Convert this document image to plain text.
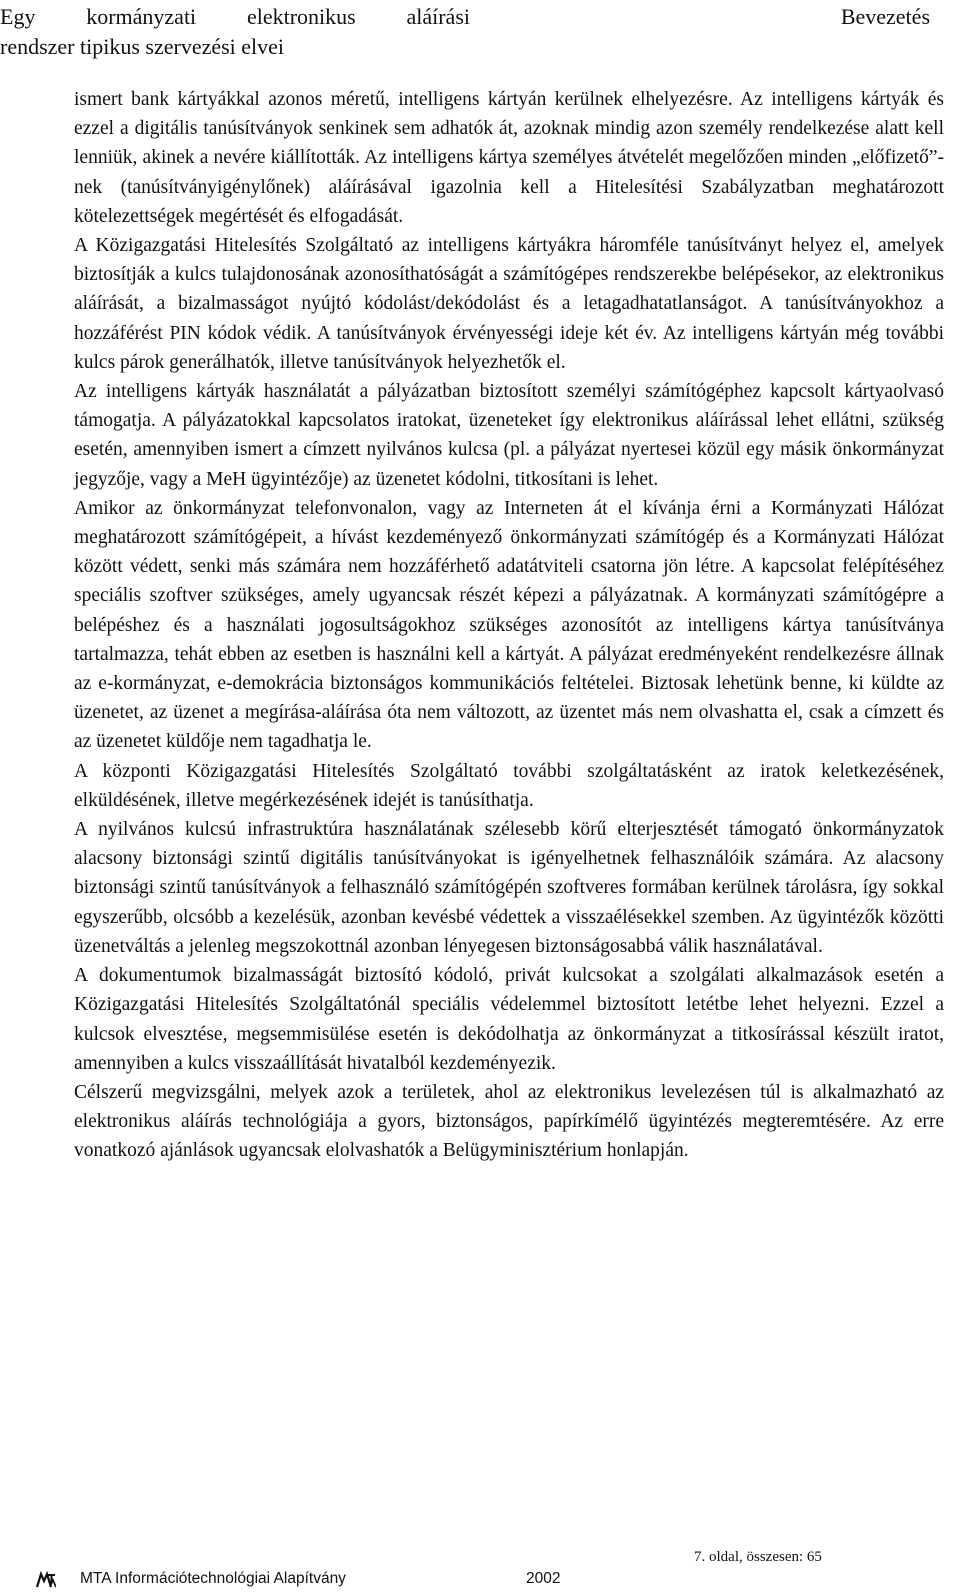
Egy kormányzati elektronikus aláírási
rendszer tipikus szervezési elvei
Bevezetés

ismert bank kártyákkal azonos méretű, intelligens kártyán kerülnek elhelyezésre. Az intelligens kártyák és ezzel a digitális tanúsítványok senkinek sem adhatók át, azoknak mindig azon személy rendelkezése alatt kell lenniük, akinek a nevére kiállították. Az intelligens kártya személyes átvételét megelőzően minden „előfizető”-nek (tanúsítványigénylőnek) aláírásával igazolnia kell a Hitelesítési Szabályzatban meghatározott kötelezettségek megértését és elfogadását.

A Közigazgatási Hitelesítés Szolgáltató az intelligens kártyákra háromféle tanúsítványt helyez el, amelyek biztosítják a kulcs tulajdonosának azonosíthatóságát a számítógépes rendszerekbe belépésekor, az elektronikus aláírását, a bizalmasságot nyújtó kódolást/dekódolást és a letagadhatatlanságot. A tanúsítványokhoz a hozzáférést PIN kódok védik. A tanúsítványok érvényességi ideje két év. Az intelligens kártyán még további kulcs párok generálhatók, illetve tanúsítványok helyezhetők el.

Az intelligens kártyák használatát a pályázatban biztosított személyi számítógéphez kapcsolt kártyaolvasó támogatja. A pályázatokkal kapcsolatos iratokat, üzeneteket így elektronikus aláírással lehet ellátni, szükség esetén, amennyiben ismert a címzett nyilvános kulcsa (pl. a pályázat nyertesei közül egy másik önkormányzat jegyzője, vagy a MeH ügyintézője) az üzenetet kódolni, titkosítani is lehet.

Amikor az önkormányzat telefonvonalon, vagy az Interneten át el kívánja érni a Kormányzati Hálózat meghatározott számítógépeit, a hívást kezdeményező önkormányzati számítógép és a Kormányzati Hálózat között védett, senki más számára nem hozzáférhető adatátviteli csatorna jön létre. A kapcsolat felépítéséhez speciális szoftver szükséges, amely ugyancsak részét képezi a pályázatnak. A kormányzati számítógépre a belépéshez és a használati jogosultságokhoz szükséges azonosítót az intelligens kártya tanúsítványa tartalmazza, tehát ebben az esetben is használni kell a kártyát. A pályázat eredményeként rendelkezésre állnak az e-kormányzat, e-demokrácia biztonságos kommunikációs feltételei. Biztosak lehetünk benne, ki küldte az üzenetet, az üzenet a megírása-aláírása óta nem változott, az üzentet más nem olvashatta el, csak a címzett és az üzenetet küldője nem tagadhatja le.

A központi Közigazgatási Hitelesítés Szolgáltató további szolgáltatásként az iratok keletkezésének, elküldésének, illetve megérkezésének idejét is tanúsíthatja.

A nyilvános kulcsú infrastruktúra használatának szélesebb körű elterjesztését támogató önkormányzatok alacsony biztonsági szintű digitális tanúsítványokat is igényelhetnek felhasználóik számára. Az alacsony biztonsági szintű tanúsítványok a felhasználó számítógépén szoftveres formában kerülnek tárolásra, így sokkal egyszerűbb, olcsóbb a kezelésük, azonban kevésbé védettek a visszaélésekkel szemben. Az ügyintézők közötti üzenetváltás a jelenleg megszokottnál azonban lényegesen biztonságosabbá válik használatával.

A dokumentumok bizalmasságát biztosító kódoló, privát kulcsokat a szolgálati alkalmazások esetén a Közigazgatási Hitelesítés Szolgáltatónál speciális védelemmel biztosított letétbe lehet helyezni. Ezzel a kulcsok elvesztése, megsemmisülése esetén is dekódolhatja az önkormányzat a titkosírással készült iratot, amennyiben a kulcs visszaállítását hivatalból kezdeményezik.

Célszerű megvizsgálni, melyek azok a területek, ahol az elektronikus levelezésen túl is alkalmazható az elektronikus aláírás technológiája a gyors, biztonságos, papírkímélő ügyintézés megteremtésére. Az erre vonatkozó ajánlások ugyancsak elolvashatók a Belügyminisztérium honlapján.

7. oldal, összesen: 65
MTA Információtechnológiai Alapítvány	2002
